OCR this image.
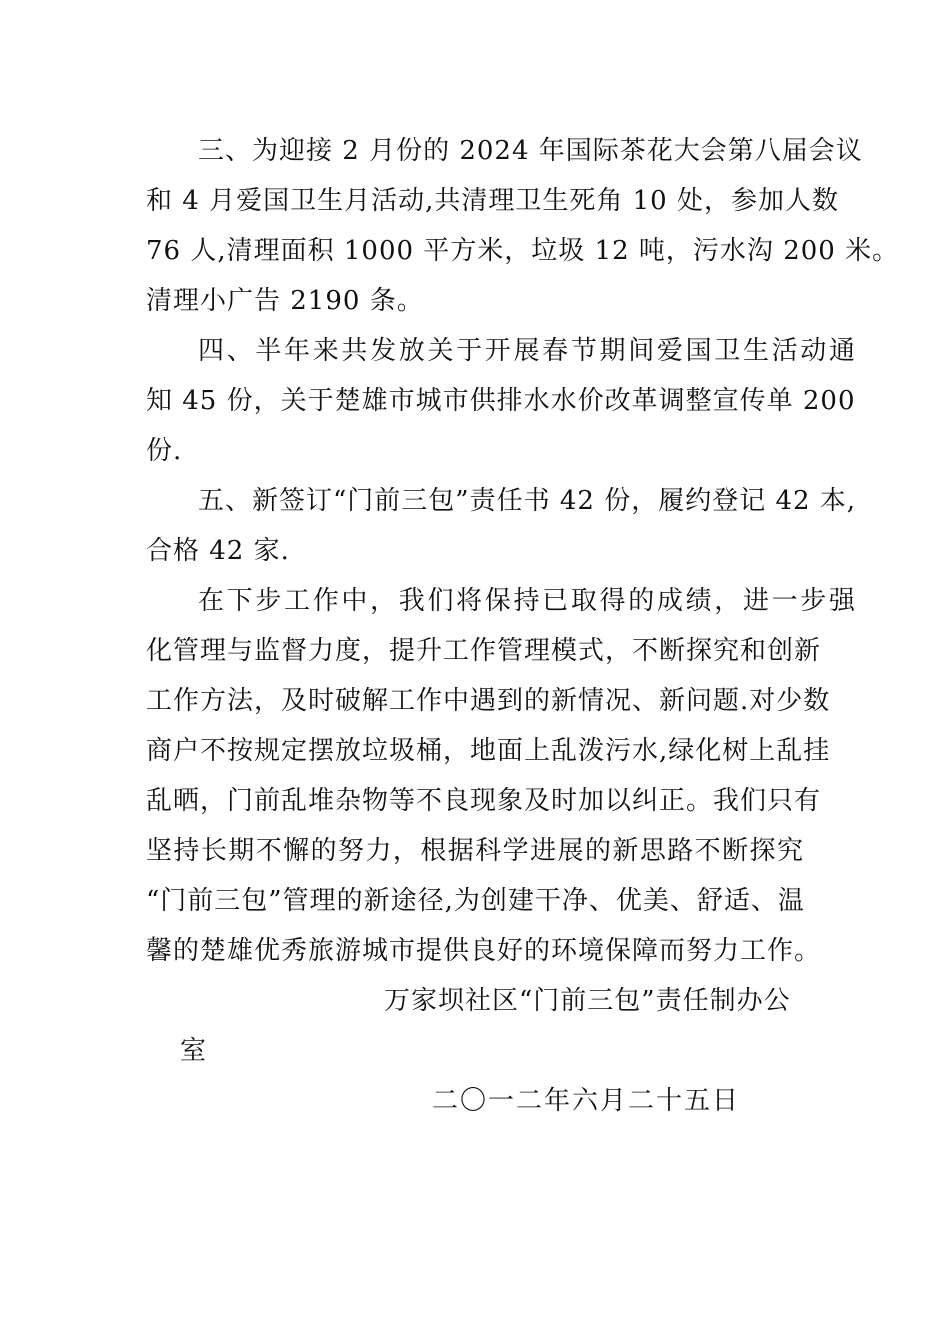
三、为迎接 2 月份的 2024 年国际茶花大会第八届会议
和 4 月爱国卫生月活动,共清理卫生死角 10 处，参加人数
76 人,清理面积 1000 平方米，垃圾 12 吨，污水沟 200 米。
清理小广告 2190 条。
四、半年来共发放关于开展春节期间爱国卫生活动通
知 45 份，关于楚雄市城市供排水水价改革调整宣传单 200
份.
五、新签订“门前三包”责任书 42 份，履约登记 42 本,
合格 42 家.
在下步工作中，我们将保持已取得的成绩，进一步强
化管理与监督力度，提升工作管理模式，不断探究和创新
工作方法，及时破解工作中遇到的新情况、新问题.对少数
商户不按规定摆放垃圾桶，地面上乱泼污水,绿化树上乱挂
乱晒，门前乱堆杂物等不良现象及时加以纠正。我们只有
坚持长期不懈的努力，根据科学进展的新思路不断探究
“门前三包”管理的新途径,为创建干净、优美、舒适、温
馨的楚雄优秀旅游城市提供良好的环境保障而努力工作。
万家坝社区“门前三包”责任制办公
室
二〇一二年六月二十五日
